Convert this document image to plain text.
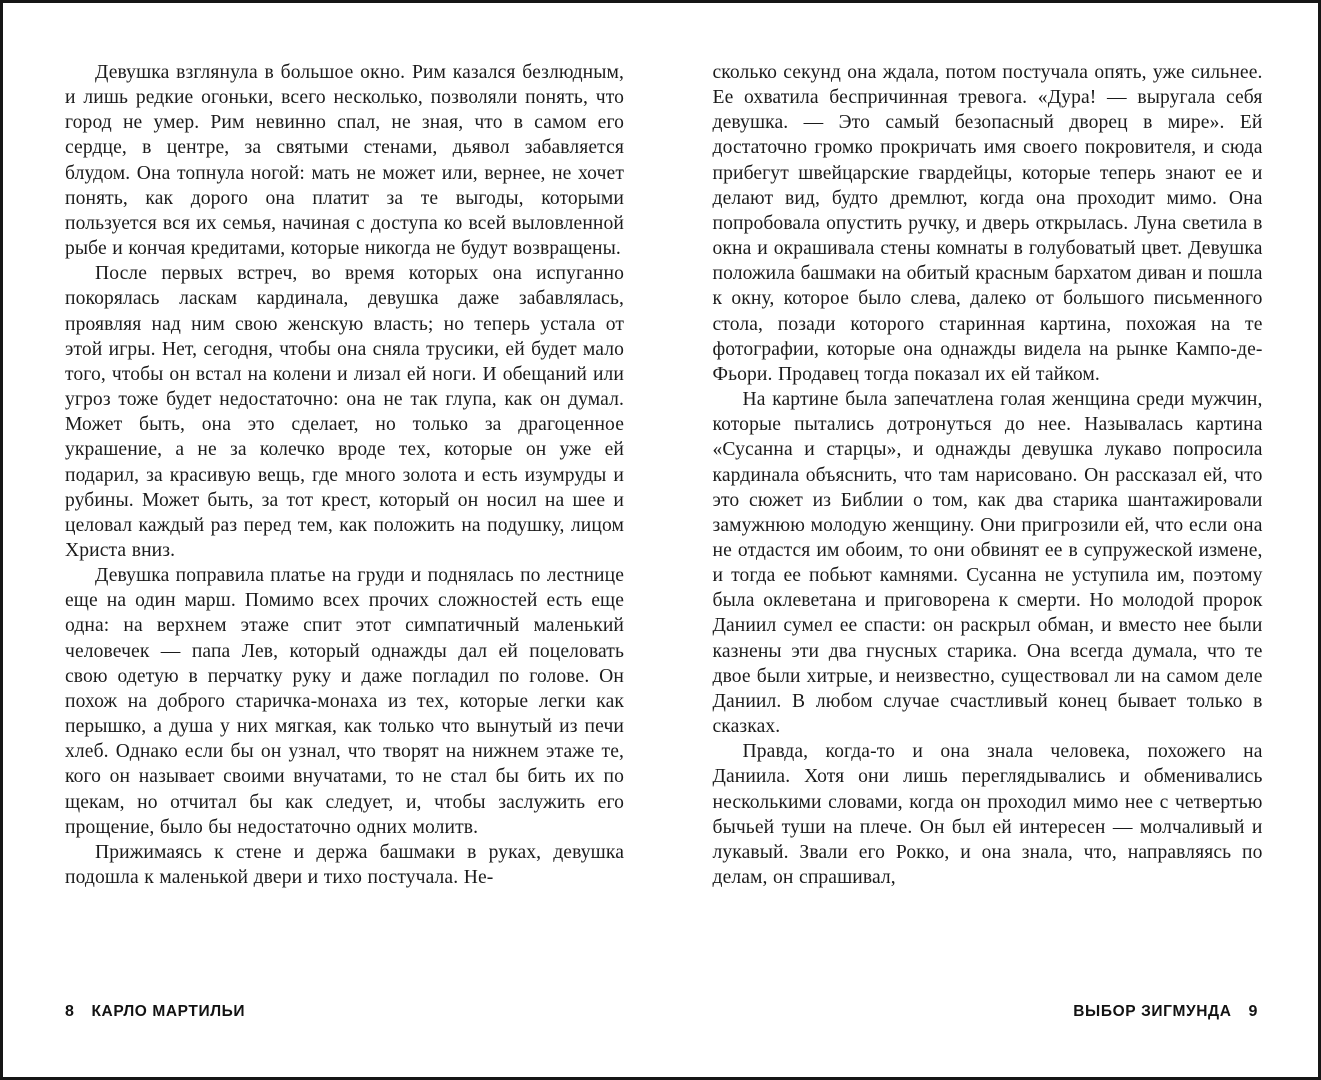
Девушка взглянула в большое окно. Рим казался безлюдным, и лишь редкие огоньки, всего несколько, позволяли понять, что город не умер. Рим невинно спал, не зная, что в самом его сердце, в центре, за святыми стенами, дьявол забавляется блудом. Она топнула ногой: мать не может или, вернее, не хочет понять, как дорого она платит за те выгоды, которыми пользуется вся их семья, начиная с доступа ко всей выловленной рыбе и кончая кредитами, которые никогда не будут возвращены.

После первых встреч, во время которых она испуганно покорялась ласкам кардинала, девушка даже забавлялась, проявляя над ним свою женскую власть; но теперь устала от этой игры. Нет, сегодня, чтобы она сняла трусики, ей будет мало того, чтобы он встал на колени и лизал ей ноги. И обещаний или угроз тоже будет недостаточно: она не так глупа, как он думал. Может быть, она это сделает, но только за драгоценное украшение, а не за колечко вроде тех, которые он уже ей подарил, за красивую вещь, где много золота и есть изумруды и рубины. Может быть, за тот крест, который он носил на шее и целовал каждый раз перед тем, как положить на подушку, лицом Христа вниз.

Девушка поправила платье на груди и поднялась по лестнице еще на один марш. Помимо всех прочих сложностей есть еще одна: на верхнем этаже спит этот симпатичный маленький человечек — папа Лев, который однажды дал ей поцеловать свою одетую в перчатку руку и даже погладил по голове. Он похож на доброго старичка-монаха из тех, которые легки как перышко, а душа у них мягкая, как только что вынутый из печи хлеб. Однако если бы он узнал, что творят на нижнем этаже те, кого он называет своими внучатами, то не стал бы бить их по щекам, но отчитал бы как следует, и, чтобы заслужить его прощение, было бы недостаточно одних молитв.

Прижимаясь к стене и держа башмаки в руках, девушка подошла к маленькой двери и тихо постучала. Не-

8 КАРЛО МАРТИЛЬИ

сколько секунд она ждала, потом постучала опять, уже сильнее. Ее охватила беспричинная тревога. «Дура! — выругала себя девушка. — Это самый безопасный дворец в мире». Ей достаточно громко прокричать имя своего покровителя, и сюда прибегут швейцарские гвардейцы, которые теперь знают ее и делают вид, будто дремлют, когда она проходит мимо. Она попробовала опустить ручку, и дверь открылась. Луна светила в окна и окрашивала стены комнаты в голубоватый цвет. Девушка положила башмаки на обитый красным бархатом диван и пошла к окну, которое было слева, далеко от большого письменного стола, позади которого старинная картина, похожая на те фотографии, которые она однажды видела на рынке Кампо-де-Фьори. Продавец тогда показал их ей тайком.

На картине была запечатлена голая женщина среди мужчин, которые пытались дотронуться до нее. Называлась картина «Сусанна и старцы», и однажды девушка лукаво попросила кардинала объяснить, что там нарисовано. Он рассказал ей, что это сюжет из Библии о том, как два старика шантажировали замужнюю молодую женщину. Они пригрозили ей, что если она не отдастся им обоим, то они обвинят ее в супружеской измене, и тогда ее побьют камнями. Сусанна не уступила им, поэтому была оклеветана и приговорена к смерти. Но молодой пророк Даниил сумел ее спасти: он раскрыл обман, и вместо нее были казнены эти два гнусных старика. Она всегда думала, что те двое были хитрые, и неизвестно, существовал ли на самом деле Даниил. В любом случае счастливый конец бывает только в сказках.

Правда, когда-то и она знала человека, похожего на Даниила. Хотя они лишь переглядывались и обменивались несколькими словами, когда он проходил мимо нее с четвертью бычьей туши на плече. Он был ей интересен — молчаливый и лукавый. Звали его Рокко, и она знала, что, направляясь по делам, он спрашивал,

ВЫБОР ЗИГМУНДА 9
